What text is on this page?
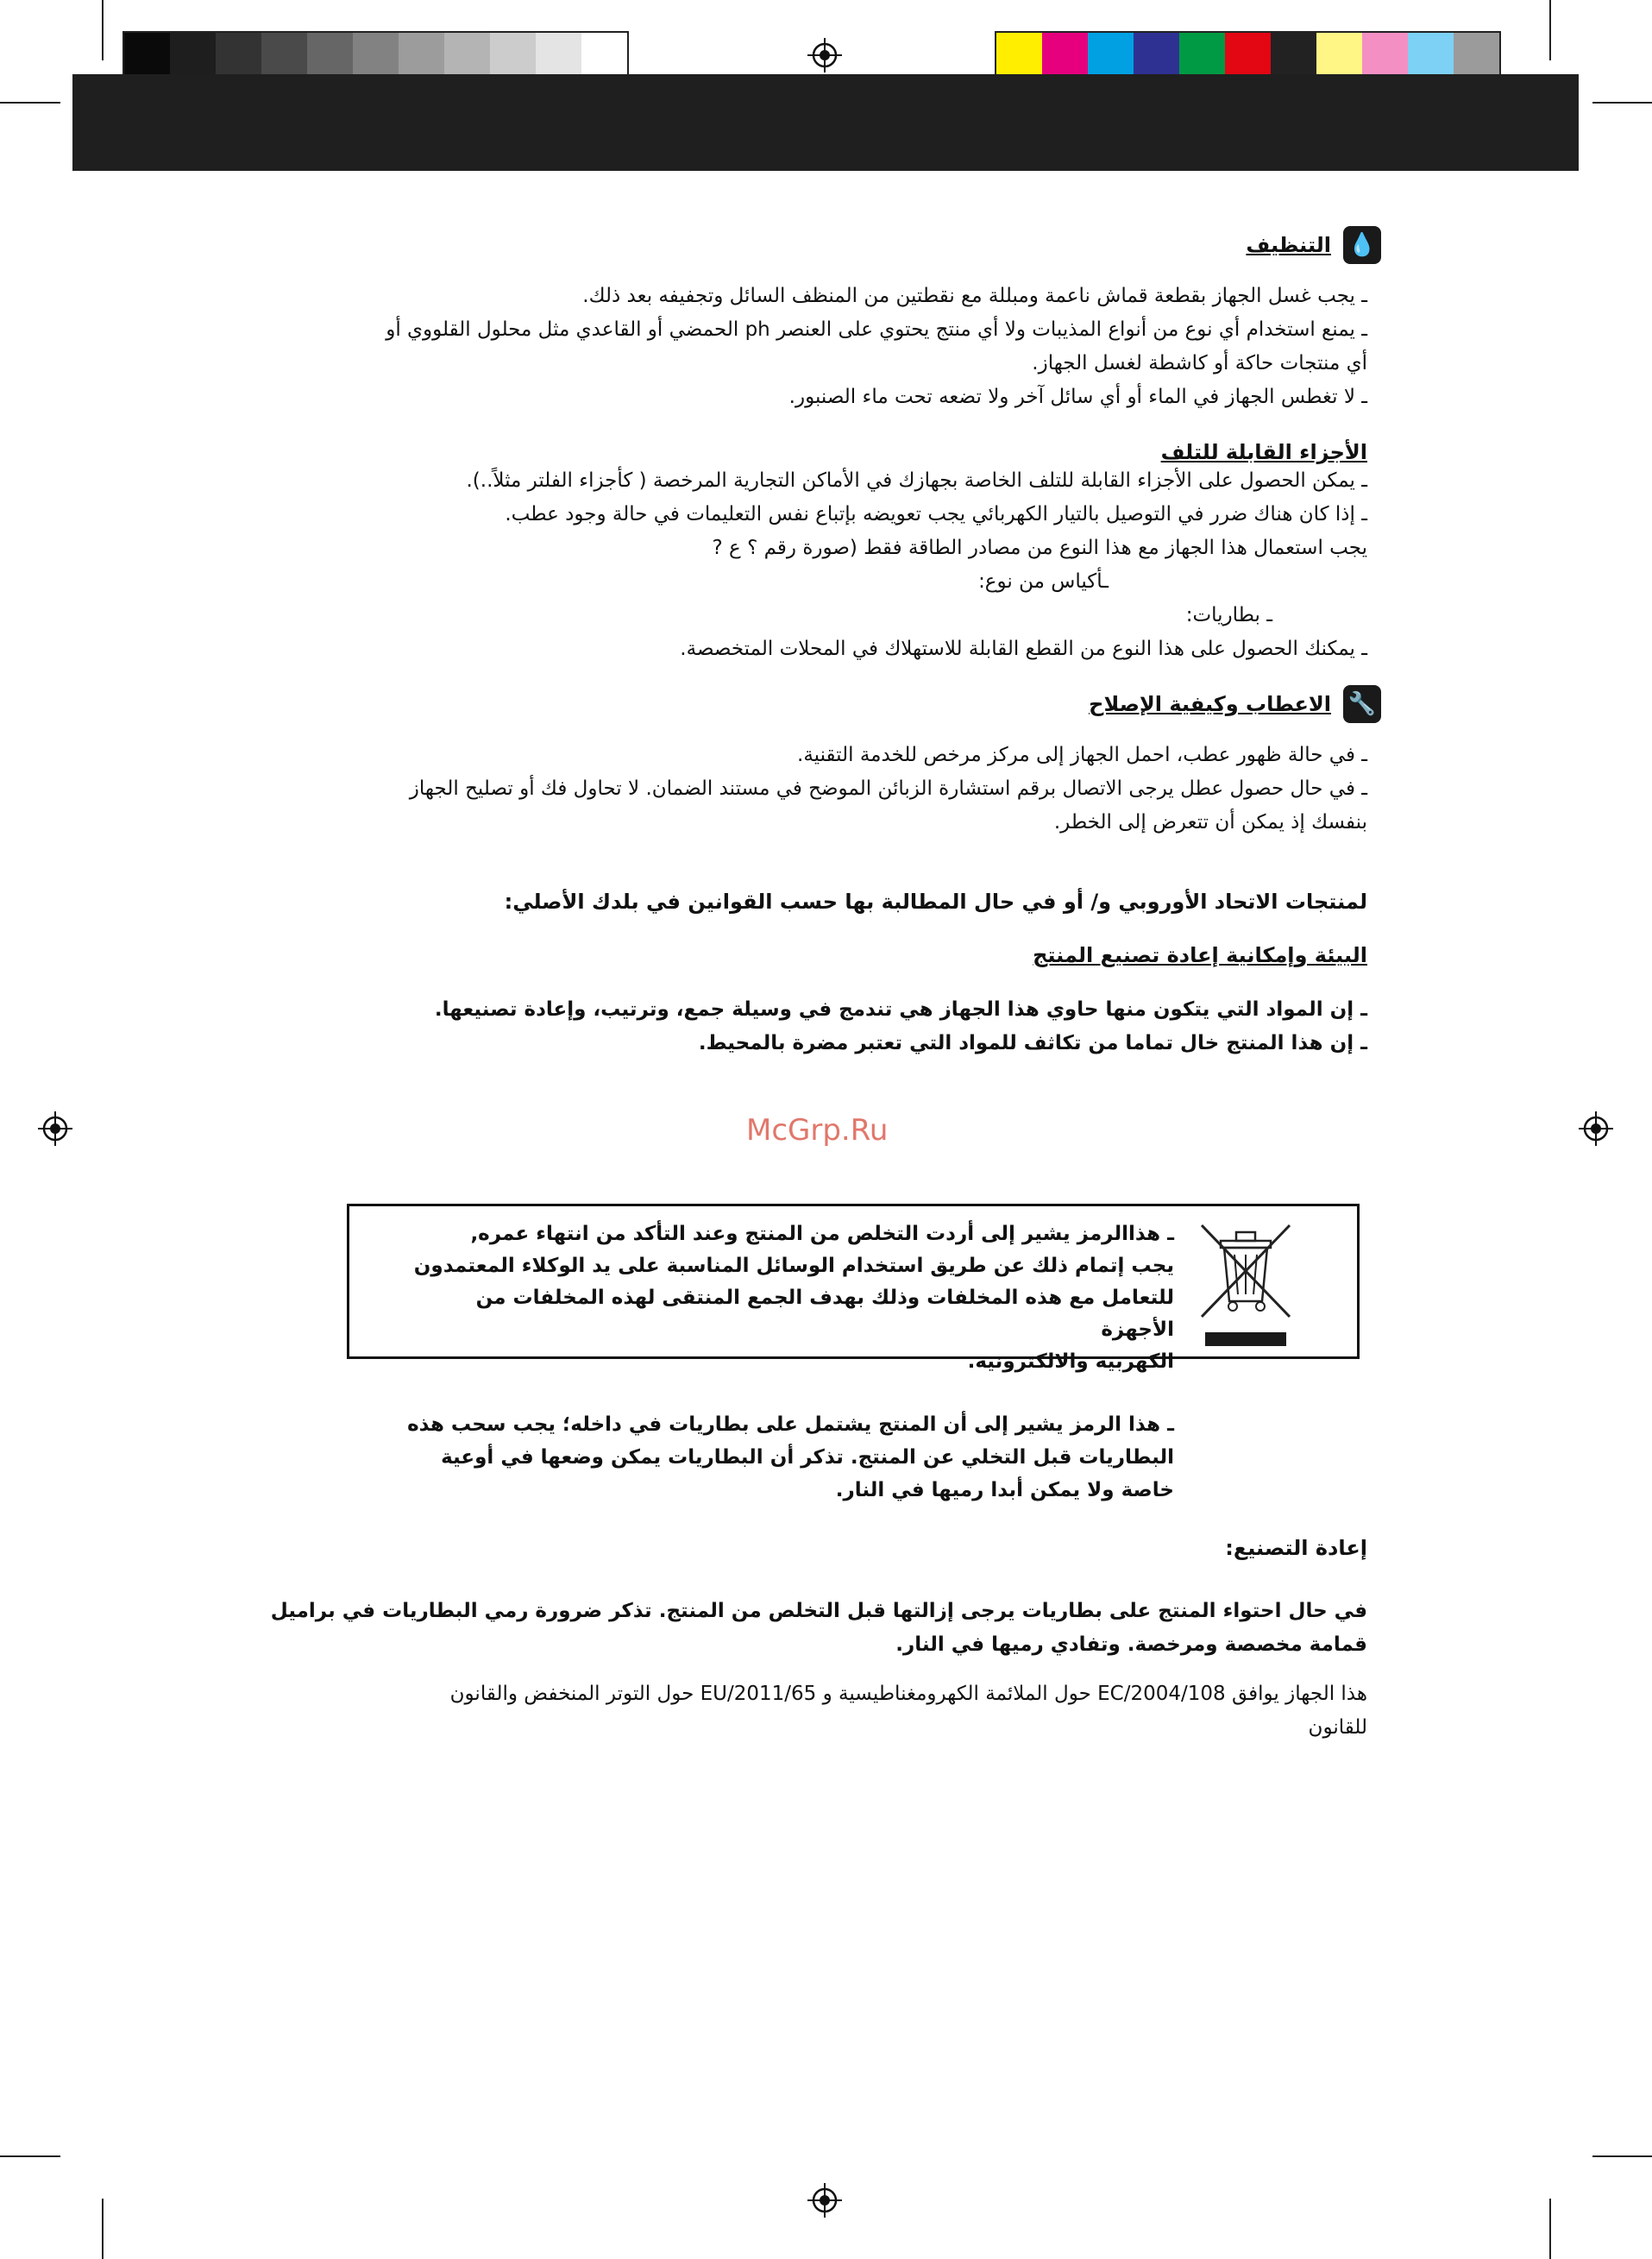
💧
التنظيف

ـ يجب غسل الجهاز بقطعة قماش ناعمة ومبللة مع نقطتين من المنظف السائل وتجفيفه بعد ذلك.

ـ يمنع استخدام أي نوع من أنواع المذيبات ولا أي منتج يحتوي على العنصر ph الحمضي أو القاعدي مثل محلول القلووي أو

أي منتجات حاكة أو كاشطة لغسل الجهاز.

ـ لا تغطس الجهاز في الماء أو أي سائل آخر ولا تضعه تحت ماء الصنبور.

الأجزاء القابلة للتلف

ـ يمكن الحصول على الأجزاء القابلة للتلف الخاصة بجهازك في الأماكن التجارية المرخصة ( كأجزاء الفلتر مثلاً..).

ـ إذا كان هناك ضرر في التوصيل بالتيار الكهربائي يجب تعويضه بإتباع نفس التعليمات في حالة وجود عطب.

يجب استعمال هذا الجهاز مع هذا النوع من مصادر الطاقة فقط (صورة رقم ؟ ع ?

ـأكياس من نوع:

ـ بطاريات:

ـ يمكنك الحصول على هذا النوع من القطع القابلة للاستهلاك في المحلات المتخصصة.

🔧
الاعطاب وكيفية الإصلاح

ـ في حالة ظهور عطب، احمل الجهاز إلى مركز مرخص للخدمة التقنية.

ـ في حال حصول عطل يرجى الاتصال برقم استشارة الزبائن الموضح في مستند الضمان. لا تحاول فك أو تصليح الجهاز

بنفسك إذ يمكن أن تتعرض إلى الخطر.

لمنتجات الاتحاد الأوروبي و/ أو في حال المطالبة بها حسب القوانين في بلدك الأصلي:

البيئة وإمكانية إعادة تصنيع المنتج

ـ إن المواد التي يتكون منها حاوي هذا الجهاز هي تندمج في وسيلة جمع، وترتيب، وإعادة تصنيعها.

ـ إن هذا المنتج خال تماما من تكاثف للمواد التي تعتبر مضرة بالمحيط.

McGrp.Ru
ـ هذاالرمز يشير إلى أردت التخلص من المنتج وعند التأكد من انتهاء عمره,
يجب إتمام ذلك عن طريق استخدام الوسائل المناسبة على يد الوكلاء المعتمدون
للتعامل مع هذه المخلفات وذلك بهدف الجمع المنتقى لهذه المخلفات من الأجهزة
الكهربية والالكترونية.
ـ هذا الرمز يشير إلى أن المنتج يشتمل على بطاريات في داخله؛ يجب سحب هذه
البطاريات قبل التخلي عن المنتج. تذكر أن البطاريات يمكن وضعها في أوعية
خاصة ولا يمكن أبدا رميها في النار.

إعادة التصنيع:

في حال احتواء المنتج على بطاريات يرجى إزالتها قبل التخلص من المنتج. تذكر ضرورة رمي البطاريات في براميل

قمامة مخصصة ومرخصة. وتفادي رميها في النار.

هذا الجهاز يوافق EC/2004/108 حول الملائمة الكهرومغناطيسية و EU/2011/65 حول التوتر المنخفض والقانون

للقانون
